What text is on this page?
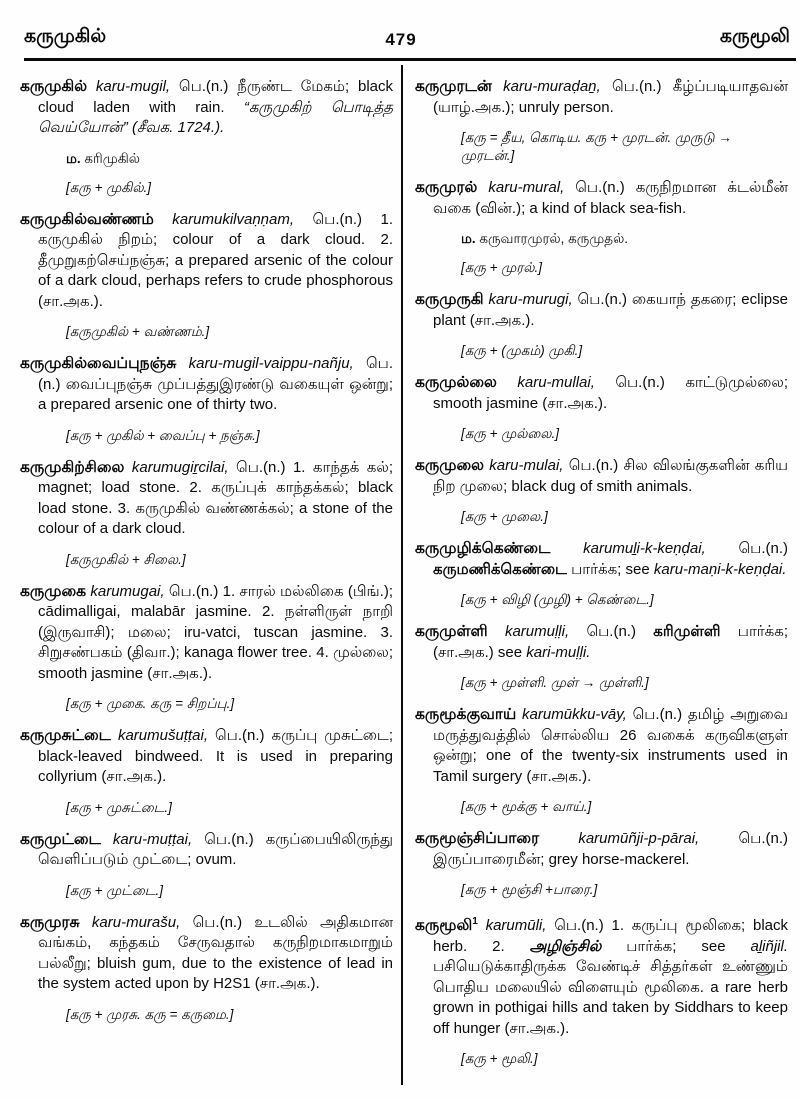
கருமுகில்	479	கருமூலி

கருமுகில் karu-mugil, பெ.(n.) நீருண்ட மேகம்; black cloud laden with rain. “கருமுகிற் பொடித்த வெய்யோன்” (சீவக. 1724.).

ம. கரிமுகில்

[கரு + முகில்.]

கருமுகில்வண்ணம் karumukilvaṇṇam, பெ.(n.) 1. கருமுகில் நிறம்; colour of a dark cloud. 2. தீமுறுகற்செய்நஞ்சு; a prepared arsenic of the colour of a dark cloud, perhaps refers to crude phosphorous (சா.அக.).

[கருமுகில் + வண்ணம்.]

கருமுகில்வைப்புநஞ்சு karu-mugil-vaippu-nañju, பெ.(n.) வைப்புநஞ்சு முப்பத்துஇரண்டு வகையுள் ஒன்று; a prepared arsenic one of thirty two.

[கரு + முகில் + வைப்பு + நஞ்சு.]

கருமுகிற்சிலை karumugiṟcilai, பெ.(n.) 1. காந்தக் கல்; magnet; load stone. 2. கருப்புக் காந்தக்கல்; black load stone. 3. கருமுகில் வண்ணக்கல்; a stone of the colour of a dark cloud.

[கருமுகில் + சிலை.]

கருமுகை karumugai, பெ.(n.) 1. சாரல் மல்லிகை (பிங்.); cādimalligai, malabār jasmine. 2. நள்ளிருள் நாறி (இருவாசி); மலை; iru-vatci, tuscan jasmine. 3. சிறுசண்பகம் (திவா.); kanaga flower tree. 4. முல்லை; smooth jasmine (சா.அக.).

[கரு + முகை. கரு = சிறப்பு.]

கருமுசுட்டை karumušuṭṭai, பெ.(n.) கருப்பு முசுட்டை; black-leaved bindweed. It is used in preparing collyrium (சா.அக.).

[கரு + முசுட்டை.]

கருமுட்டை karu-muṭṭai, பெ.(n.) கருப்பையிலிருந்து வெளிப்படும் முட்டை; ovum.

[கரு + முட்டை.]

கருமுரசு karu-murašu, பெ.(n.) உடலில் அதிகமான வங்கம், கந்தகம் சேருவதால் கருநிறமாகமாறும் பல்லீறு; bluish gum, due to the existence of lead in the system acted upon by H2S1 (சா.அக.).

[கரு + முரசு. கரு = கருமை.]

கருமுரடன் karu-muraḍaṉ, பெ.(n.) கீழ்ப்படியாதவன் (யாழ்.அக.); unruly person.

[கரு = தீய, கொடிய. கரு + முரடன். முருடு → முரடன்.]

கருமுரல் karu-mural, பெ.(n.) கருநிறமான க்டல்மீன் வகை (வின்.); a kind of black sea-fish.

ம. கருவாரமுரல், கருமுதல்.

[கரு + முரல்.]

கருமுருகி karu-murugi, பெ.(n.) கையாந் தகரை; eclipse plant (சா.அக.).

[கரு + (முகம்) முகி.]

கருமுல்லை karu-mullai, பெ.(n.) காட்டுமுல்லை; smooth jasmine (சா.அக.).

[கரு + முல்லை.]

கருமுலை karu-mulai, பெ.(n.) சில விலங்குகளின் கரிய நிற முலை; black dug of smith animals.

[கரு + முலை.]

கருமுழிக்கெண்டை karumuḻi-k-keṇḍai, பெ.(n.) கருமணிக்கெண்டை பார்க்க; see karu-maṇi-k-keṇḍai.

[கரு + விழி (முழி) + கெண்டை.]

கருமுள்ளி karumuḷḷi, பெ.(n.) கரிமுள்ளி பார்க்க; (சா.அக.) see kari-muḷḷi.

[கரு + முள்ளி. முள் → முள்ளி.]

கருமூக்குவாய் karumūkku-vāy, பெ.(n.) தமிழ் அறுவை மருத்துவத்தில் சொல்லிய 26 வகைக் கருவிகளுள் ஒன்று; one of the twenty-six instruments used in Tamil surgery (சா.அக.).

[கரு + மூக்கு + வாய்.]

கருமூஞ்சிப்பாரை	karumūñji-p-pārai, பெ.(n.) இருப்பாரைமீன்; grey horse-mackerel.

[கரு + மூஞ்சி +பாரை.]

கருமூலி$^1$ karumūli, பெ.(n.) 1. கருப்பு மூலிகை; black herb. 2. அழிஞ்சில் பார்க்க; see aḻiñjil. பசியெடுக்காதிருக்க வேண்டிச் சித்தர்கள் உண்ணும் பொதிய மலையில் விளையும் மூலிகை. a rare herb grown in pothigai hills and taken by Siddhars to keep off hunger (சா.அக.).

[கரு + மூலி.]
